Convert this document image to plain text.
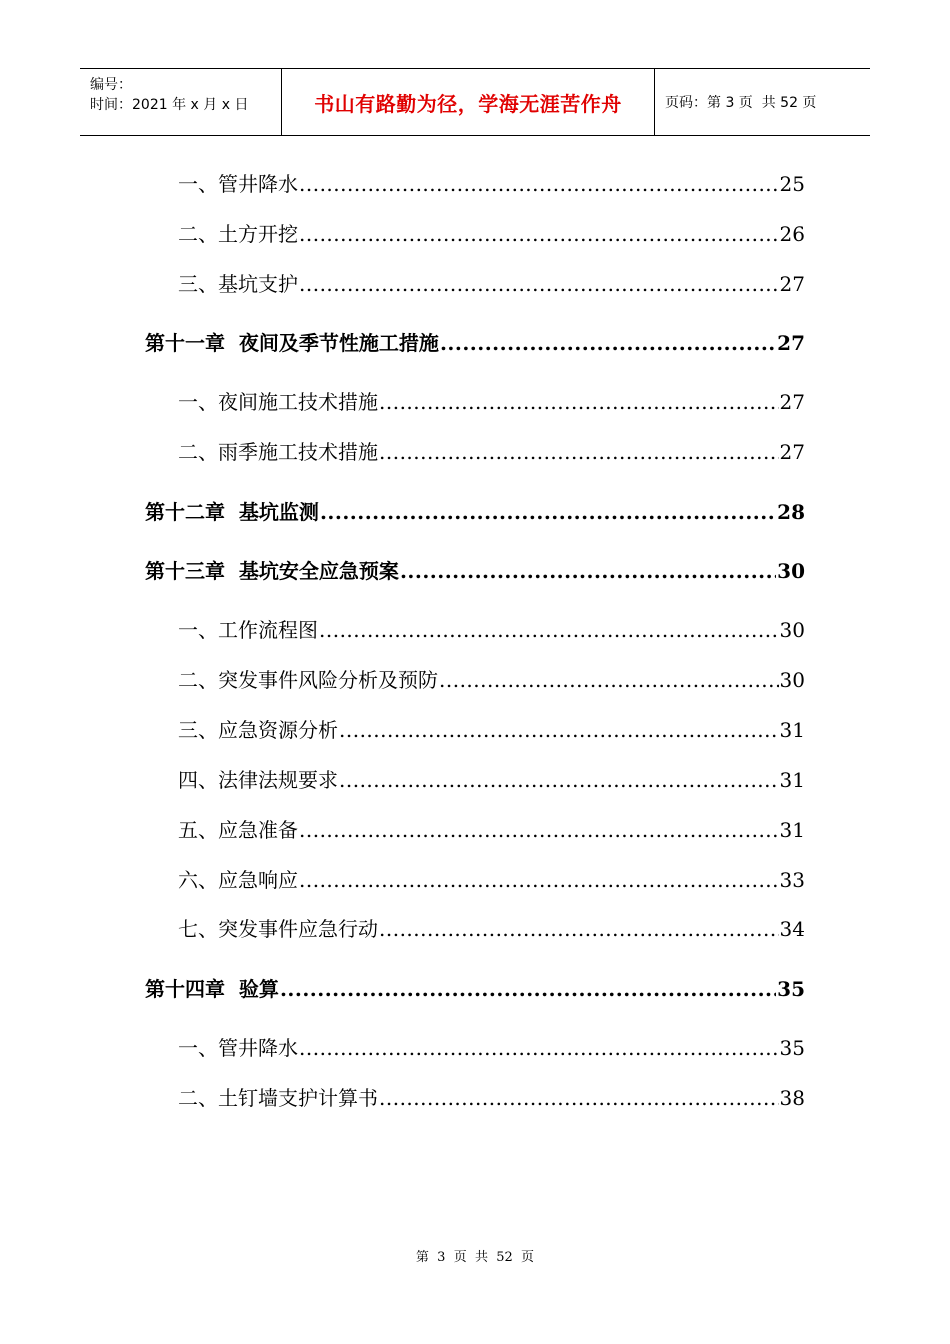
编号：
时间：2021 年 x 月 x 日	书山有路勤为径，学海无涯苦作舟	页码：第 3 页  共 52 页
一、管井降水 .....	25
二、土方开挖 .....	26
三、基坑支护 .....	27
第十一章  夜间及季节性施工措施 .....	27
一、夜间施工技术措施 .....	27
二、雨季施工技术措施 .....	27
第十二章  基坑监测 .....	28
第十三章  基坑安全应急预案 .....	30
一、工作流程图 .....	30
二、突发事件风险分析及预防 .....	30
三、应急资源分析 .....	31
四、法律法规要求 .....	31
五、应急准备 .....	31
六、应急响应 .....	33
七、突发事件应急行动 .....	34
第十四章  验算 .....	35
一、管井降水 .....	35
二、土钉墙支护计算书 .....	38
第  3  页  共  52  页
